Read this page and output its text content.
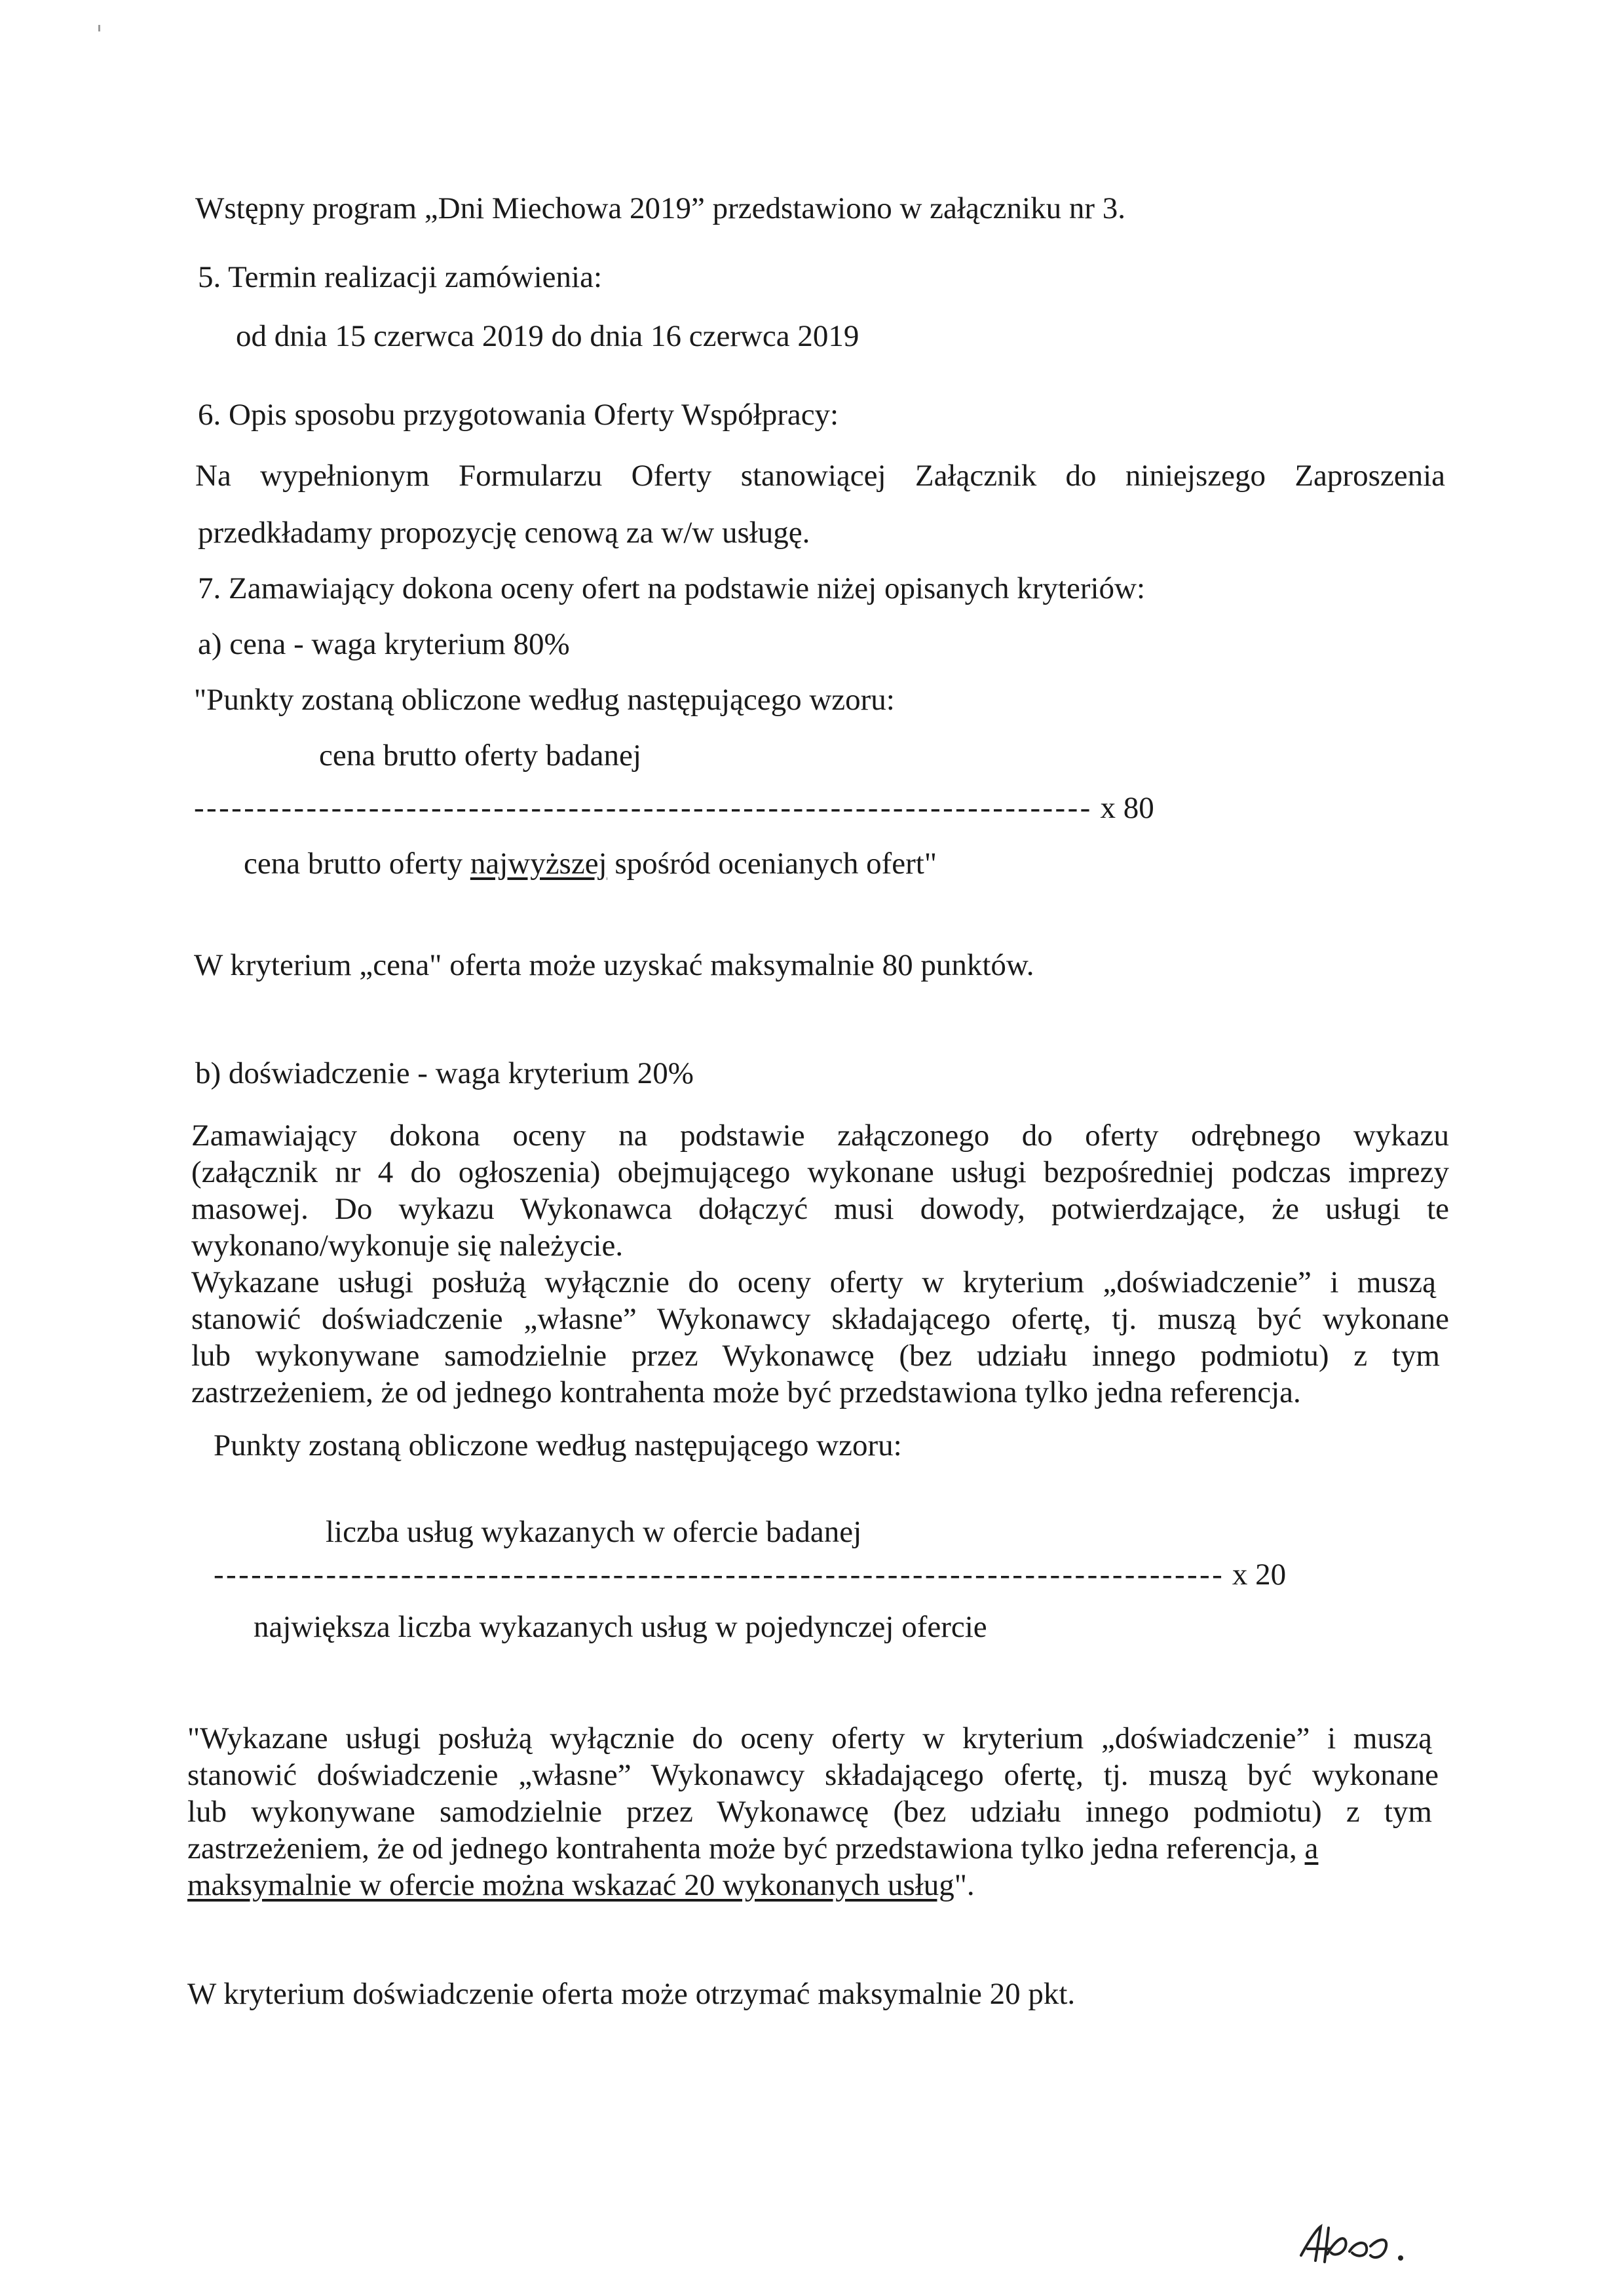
Wstępny program „Dni Miechowa 2019” przedstawiono w załączniku nr 3.
5. Termin realizacji zamówienia:
od dnia 15 czerwca 2019 do dnia 16 czerwca 2019
6. Opis sposobu przygotowania Oferty Współpracy:
Na wypełnionym Formularzu Oferty stanowiącej Załącznik do niniejszego Zaproszenia
przedkładamy propozycję cenową za w/w usługę.
7. Zamawiający dokona oceny ofert na podstawie niżej opisanych kryteriów:
a) cena - waga kryterium 80%
"Punkty zostaną obliczone według następującego wzoru:
cena brutto oferty badanej
------------------------------------------------------------------------ x 80
cena brutto oferty najwyższej spośród ocenianych ofert"
W kryterium „cena" oferta może uzyskać maksymalnie 80 punktów.
b) doświadczenie - waga kryterium 20%
Zamawiający dokona oceny na podstawie załączonego do oferty odrębnego wykazu
(załącznik nr 4 do ogłoszenia) obejmującego wykonane usługi bezpośredniej podczas imprezy
masowej. Do wykazu Wykonawca dołączyć musi dowody, potwierdzające, że usługi te
wykonano/wykonuje się należycie.
Wykazane usługi posłużą wyłącznie do oceny oferty w kryterium „doświadczenie” i muszą
stanowić doświadczenie „własne” Wykonawcy składającego ofertę, tj. muszą być wykonane
lub wykonywane samodzielnie przez Wykonawcę (bez udziału innego podmiotu) z tym
zastrzeżeniem, że od jednego kontrahenta może być przedstawiona tylko jedna referencja.
Punkty zostaną obliczone według następującego wzoru:
liczba usług wykazanych w ofercie badanej
--------------------------------------------------------------------------------- x 20
największa liczba wykazanych usług w pojedynczej ofercie
"Wykazane usługi posłużą wyłącznie do oceny oferty w kryterium „doświadczenie” i muszą
stanowić doświadczenie „własne” Wykonawcy składającego ofertę, tj. muszą być wykonane
lub wykonywane samodzielnie przez Wykonawcę (bez udziału innego podmiotu) z tym
zastrzeżeniem, że od jednego kontrahenta może być przedstawiona tylko jedna referencja, a
maksymalnie w ofercie można wskazać 20 wykonanych usług".
W kryterium doświadczenie oferta może otrzymać maksymalnie 20 pkt.
